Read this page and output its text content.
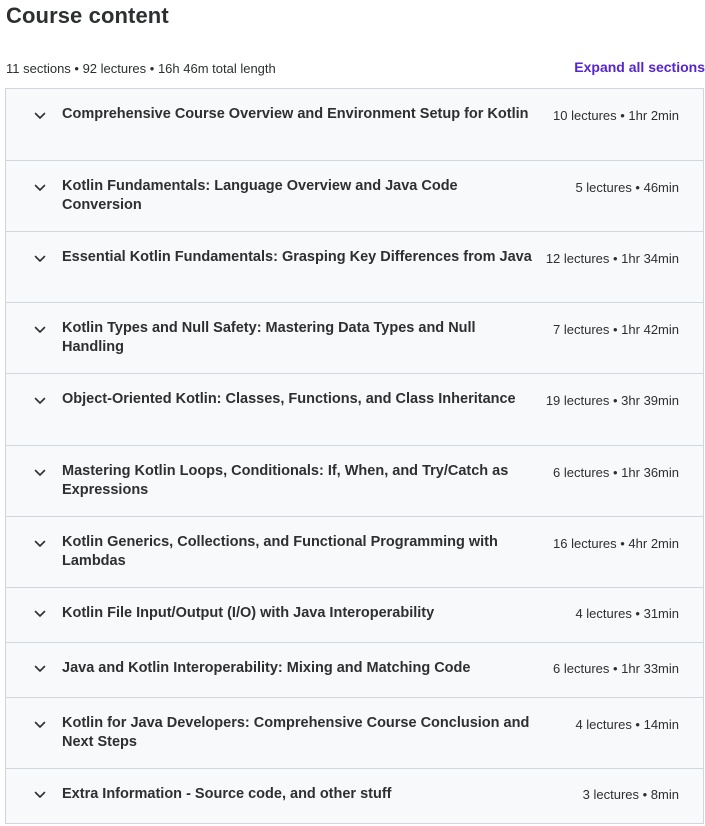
Course content
11 sections • 92 lectures • 16h 46m total length	Expand all sections
Comprehensive Course Overview and Environment Setup for Kotlin 10 lectures • 1hr 2min
Kotlin Fundamentals: Language Overview and Java Code Conversion
5 lectures • 46min
Essential Kotlin Fundamentals: Grasping Key Differences from Java 12 lectures • 1hr 34min
Kotlin Types and Null Safety: Mastering Data Types and Null Handling
7 lectures • 1hr 42min
Object-Oriented Kotlin: Classes, Functions, and Class Inheritance	19 lectures • 3hr 39min
Mastering Kotlin Loops, Conditionals: If, When, and Try/Catch as Expressions
6 lectures • 1hr 36min
Kotlin Generics, Collections, and Functional Programming with Lambdas
16 lectures • 4hr 2min
Kotlin File Input/Output (I/O) with Java Interoperability	4 lectures • 31min
Java and Kotlin Interoperability: Mixing and Matching Code	6 lectures • 1hr 33min
Kotlin for Java Developers: Comprehensive Course Conclusion and Next Steps
4 lectures • 14min
Extra Information - Source code, and other stuff	3 lectures • 8min
